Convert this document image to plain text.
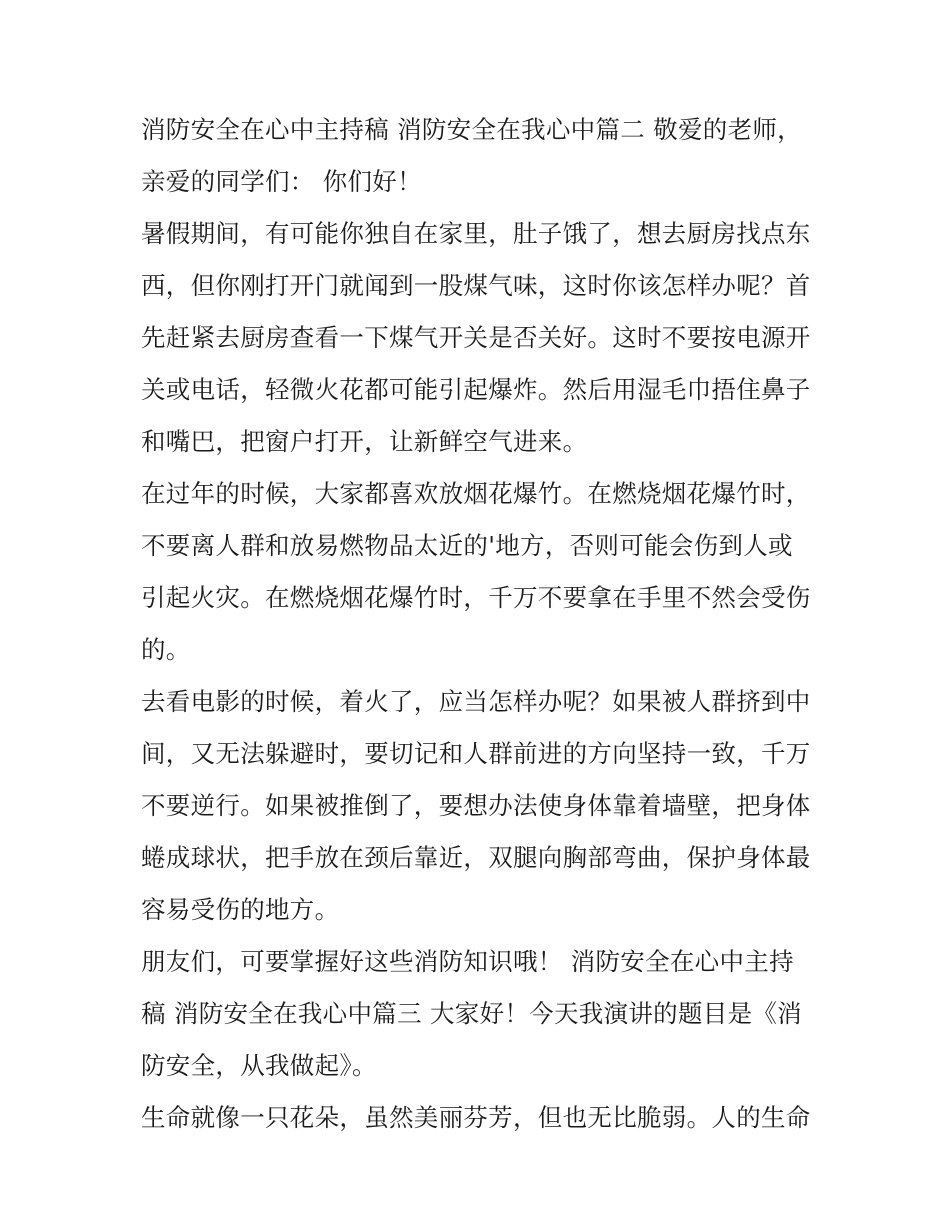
消防安全在心中主持稿 消防安全在我心中篇二 敬爱的老师，
亲爱的同学们： 你们好！
暑假期间，有可能你独自在家里，肚子饿了，想去厨房找点东
西，但你刚打开门就闻到一股煤气味，这时你该怎样办呢？首
先赶紧去厨房查看一下煤气开关是否关好。这时不要按电源开
关或电话，轻微火花都可能引起爆炸。然后用湿毛巾捂住鼻子
和嘴巴，把窗户打开，让新鲜空气进来。
在过年的时候，大家都喜欢放烟花爆竹。在燃烧烟花爆竹时，
不要离人群和放易燃物品太近的'地方，否则可能会伤到人或
引起火灾。在燃烧烟花爆竹时，千万不要拿在手里不然会受伤
的。
去看电影的时候，着火了，应当怎样办呢？如果被人群挤到中
间，又无法躲避时，要切记和人群前进的方向坚持一致，千万
不要逆行。如果被推倒了，要想办法使身体靠着墙壁，把身体
蜷成球状，把手放在颈后靠近，双腿向胸部弯曲，保护身体最
容易受伤的地方。
朋友们，可要掌握好这些消防知识哦！ 消防安全在心中主持
稿 消防安全在我心中篇三 大家好！今天我演讲的题目是《消
防安全，从我做起》。
生命就像一只花朵，虽然美丽芬芳，但也无比脆弱。人的生命
